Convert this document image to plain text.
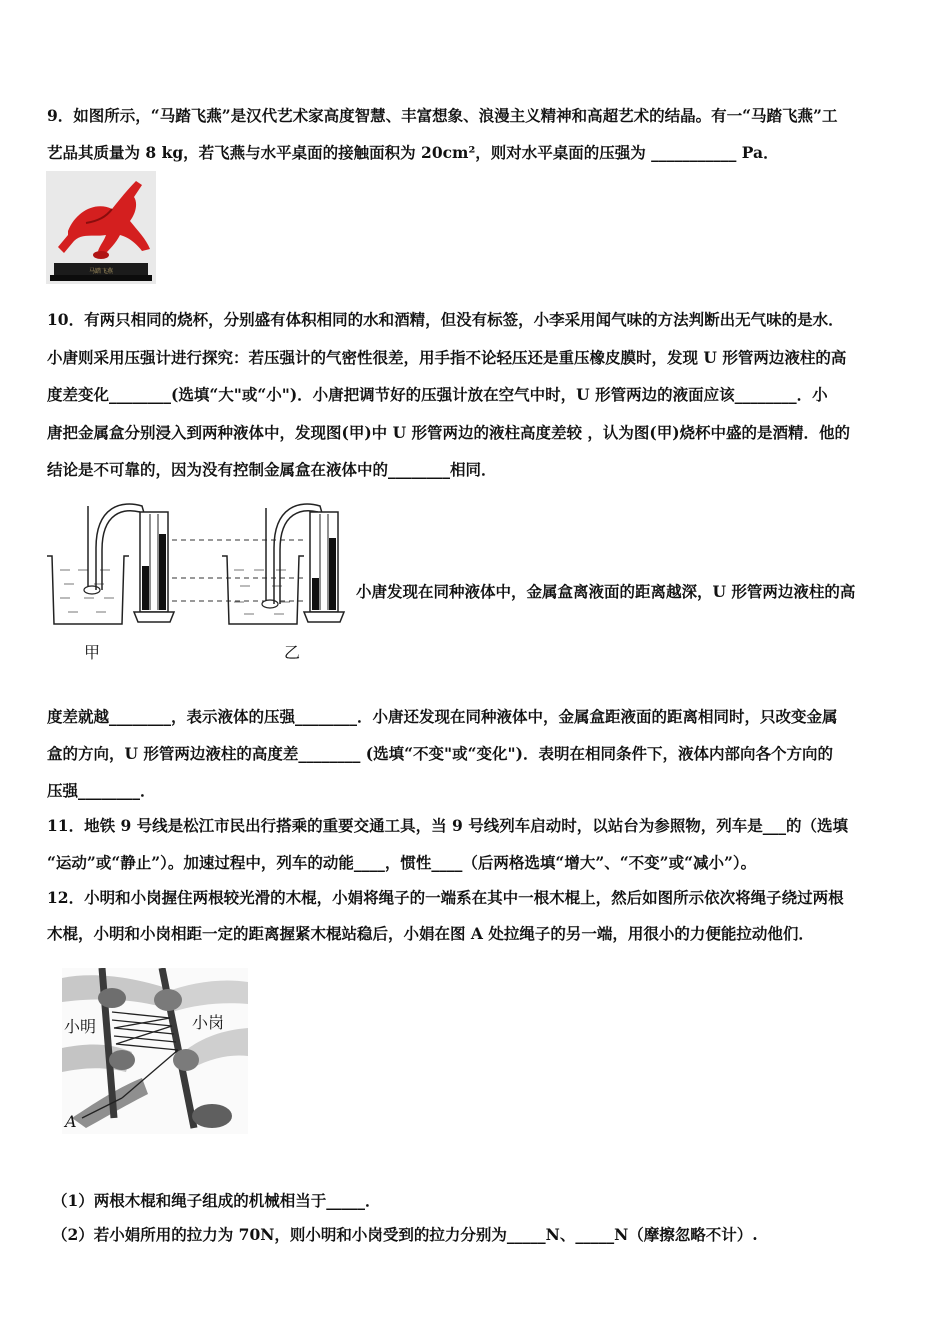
9．如图所示，“马踏飞燕”是汉代艺术家高度智慧、丰富想象、浪漫主义精神和高超艺术的结晶。有一“马踏飞燕”工
艺品其质量为 8 kg，若飞燕与水平桌面的接触面积为 20cm²，则对水平桌面的压强为 ___________ Pa．
马踏飞燕
10．有两只相同的烧杯，分别盛有体积相同的水和酒精，但没有标签，小李采用闻气味的方法判断出无气味的是水．
小唐则采用压强计进行探究：若压强计的气密性很差，用手指不论轻压还是重压橡皮膜时，发现 U 形管两边液柱的高
度差变化________(选填“大"或“小")．小唐把调节好的压强计放在空气中时，U 形管两边的液面应该________．小
唐把金属盒分别浸入到两种液体中，发现图(甲)中 U 形管两边的液柱高度差较 ，认为图(甲)烧杯中盛的是酒精．他的
结论是不可靠的，因为没有控制金属盒在液体中的________相同．
甲	乙
小唐发现在同种液体中，金属盒离液面的距离越深，U 形管两边液柱的高
度差就越________，表示液体的压强________．小唐还发现在同种液体中，金属盒距液面的距离相同时，只改变金属
盒的方向，U 形管两边液柱的高度差________ (选填“不变"或“变化")．表明在相同条件下，液体内部向各个方向的
压强________．
11．地铁 9 号线是松江市民出行搭乘的重要交通工具，当 9 号线列车启动时，以站台为参照物，列车是___的（选填
“运动”或“静止”）。加速过程中，列车的动能____，惯性____（后两格选填“增大”、“不变”或“减小”）。
12．小明和小岗握住两根较光滑的木棍，小娟将绳子的一端系在其中一根木棍上，然后如图所示依次将绳子绕过两根
木棍，小明和小岗相距一定的距离握紧木棍站稳后，小娟在图 A 处拉绳子的另一端，用很小的力便能拉动他们．
小明	小岗
A
（1）两根木棍和绳子组成的机械相当于_____．
（2）若小娟所用的拉力为 70N，则小明和小岗受到的拉力分别为_____N、_____N（摩擦忽略不计）.
